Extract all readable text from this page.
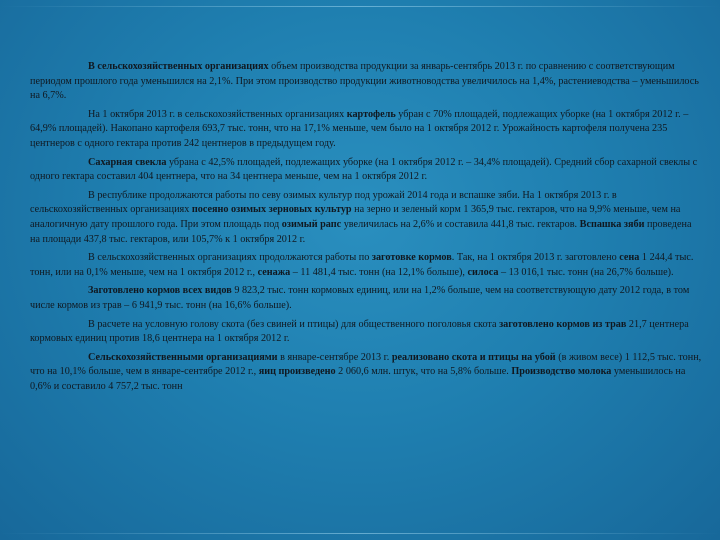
В сельскохозяйственных организациях объем производства продукции за январь-сентябрь 2013 г. по сравнению с соответствующим периодом прошлого года уменьшился на 2,1%. При этом производство продукции животноводства увеличилось на 1,4%, растениеводства – уменьшилось на 6,7%.

На 1 октября 2013 г. в сельскохозяйственных организациях картофель убран с 70% площадей, подлежащих уборке (на 1 октября 2012 г. – 64,9% площадей). Накопано картофеля 693,7 тыс. тонн, что на 17,1% меньше, чем было на 1 октября 2012 г. Урожайность картофеля получена 235 центнеров с одного гектара против 242 центнеров в предыдущем году.

Сахарная свекла убрана с 42,5% площадей, подлежащих уборке (на 1 октября 2012 г. – 34,4% площадей). Средний сбор сахарной свеклы с одного гектара составил 404 центнера, что на 34 центнера меньше, чем на 1 октября 2012 г.

В республике продолжаются работы по севу озимых культур под урожай 2014 года и вспашке зяби. На 1 октября 2013 г. в сельскохозяйственных организациях посеяно озимых зерновых культур на зерно и зеленый корм 1 365,9 тыс. гектаров, что на 9,9% меньше, чем на аналогичную дату прошлого года. При этом площадь под озимый рапс увеличилась на 2,6% и составила 441,8 тыс. гектаров. Вспашка зяби проведена на площади 437,8 тыс. гектаров, или 105,7% к 1 октября 2012 г.

В сельскохозяйственных организациях продолжаются работы по заготовке кормов. Так, на 1 октября 2013 г. заготовлено сена 1 244,4 тыс. тонн, или на 0,1% меньше, чем на 1 октября 2012 г., сенажа – 11 481,4 тыс. тонн (на 12,1% больше), силоса – 13 016,1 тыс. тонн (на 26,7% больше).

Заготовлено кормов всех видов 9 823,2 тыс. тонн кормовых единиц, или на 1,2% больше, чем на соответствующую дату 2012 года, в том числе кормов из трав – 6 941,9 тыс. тонн (на 16,6% больше).

В расчете на условную голову скота (без свиней и птицы) для общественного поголовья скота заготовлено кормов из трав 21,7 центнера кормовых единиц против 18,6 центнера на 1 октября 2012 г.

Сельскохозяйственными организациями в январе-сентябре 2013 г. реализовано скота и птицы на убой (в живом весе) 1 112,5 тыс. тонн, что на 10,1% больше, чем в январе-сентябре 2012 г., яиц произведено 2 060,6 млн. штук, что на 5,8% больше. Производство молока уменьшилось на 0,6% и составило 4 757,2 тыс. тонн
